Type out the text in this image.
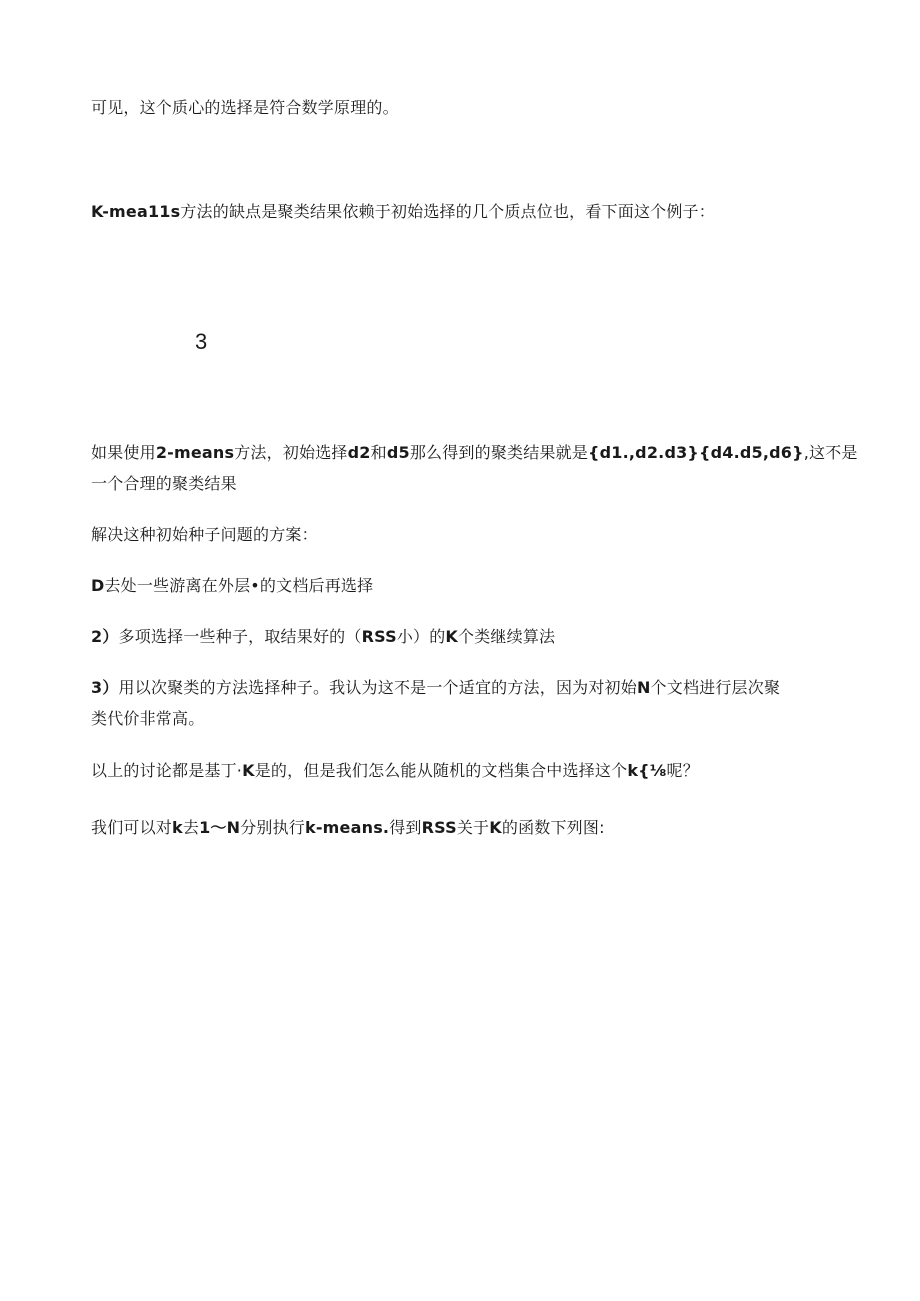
可见，这个质心的选择是符合数学原理的。
K-mea11s方法的缺点是聚类结果依赖于初始选择的几个质点位也，看下面这个例子：
3
如果使用2-means方法，初始选择d2和d5那么得到的聚类结果就是{d1.,d2.d3}{d4.d5,d6},这不是
一个合理的聚类结果
解决这种初始种子问题的方案：
D去处一些游离在外层•的文档后再选择
2）多项选择一些种子，取结果好的（RSS小）的K个类继续算法
3）用以次聚类的方法选择种子。我认为这不是一个适宜的方法，因为对初始N个文档进行层次聚
类代价非常高。
以上的讨论都是基丁·K是的，但是我们怎么能从随机的文档集合中选择这个k{⅛呢？
我们可以对k去1〜N分别执行k-means.得到RSS关于K的函数下列图:
